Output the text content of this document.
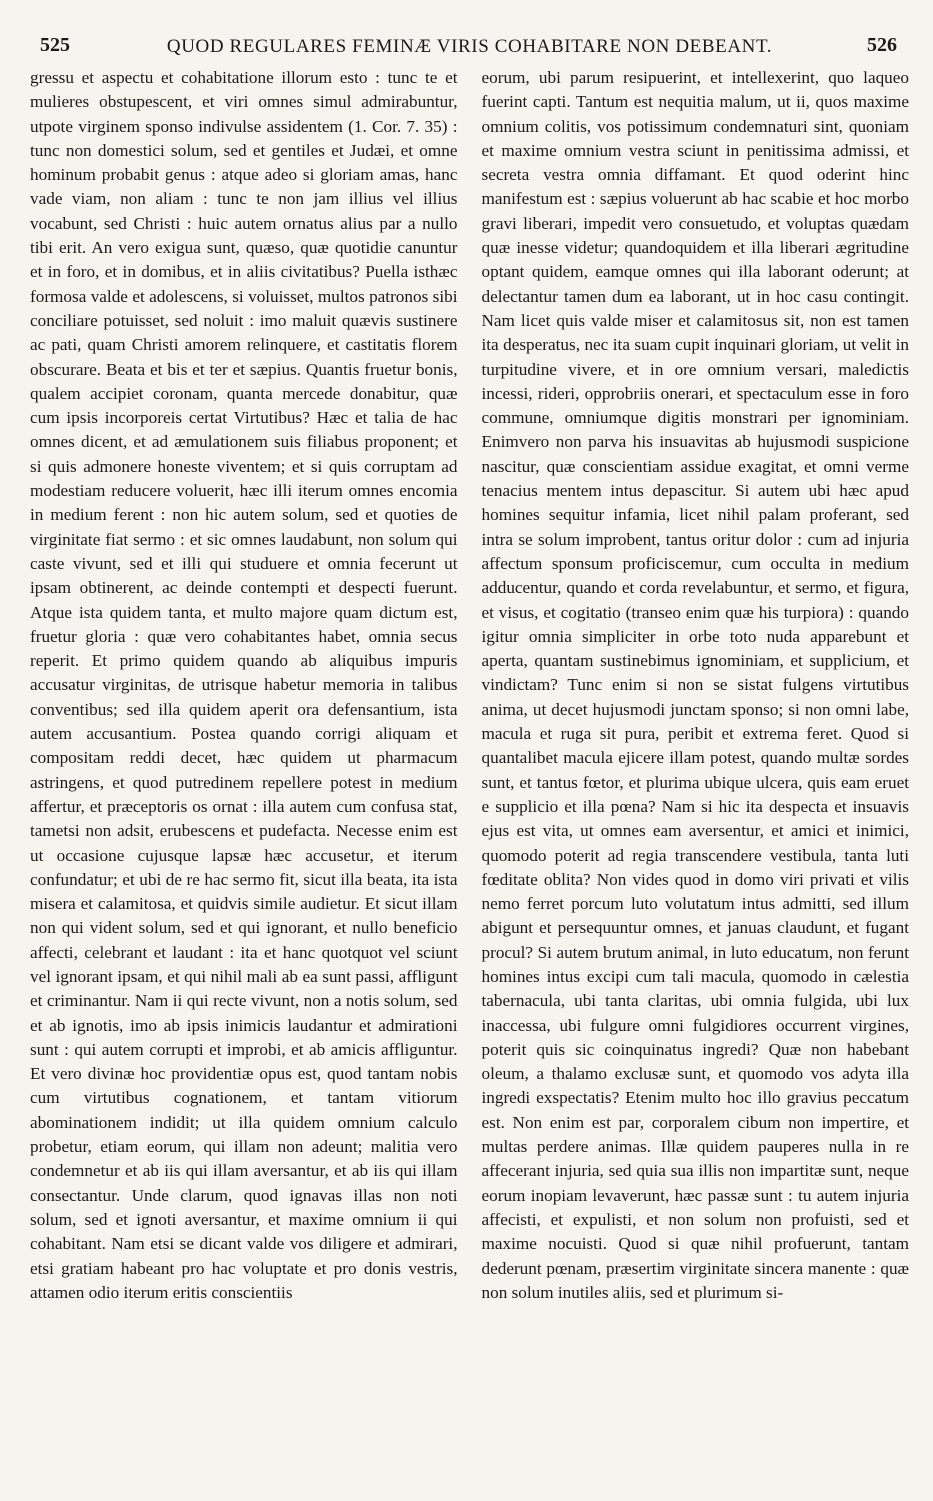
525	QUOD REGULARES FEMINÆ VIRIS COHABITARE NON DEBEANT.	526

gressu et aspectu et cohabitatione illorum esto : tunc te et mulieres obstupescent, et viri omnes simul admirabuntur, utpote virginem sponso indivulse assidentem (1. Cor. 7. 35) : tunc non domestici solum, sed et gentiles et Judæi, et omne hominum probabit genus : atque adeo si gloriam amas, hanc vade viam, non aliam : tunc te non jam illius vel illius vocabunt, sed Christi : huic autem ornatus alius par a nullo tibi erit. An vero exigua sunt, quæso, quæ quotidie canuntur et in foro, et in domibus, et in aliis civitatibus? Puella isthæc formosa valde et adolescens, si voluisset, multos patronos sibi conciliare potuisset, sed noluit : imo maluit quævis sustinere ac pati, quam Christi amorem relinquere, et castitatis florem obscurare. Beata et bis et ter et sæpius. Quantis fruetur bonis, qualem accipiet coronam, quanta mercede donabitur, quæ cum ipsis incorporeis certat Virtutibus? Hæc et talia de hac omnes dicent, et ad æmulationem suis filiabus proponent; et si quis admonere honeste viventem; et si quis corruptam ad modestiam reducere voluerit, hæc illi iterum omnes encomia in medium ferent : non hic autem solum, sed et quoties de virginitate fiat sermo : et sic omnes laudabunt, non solum qui caste vivunt, sed et illi qui studuere et omnia fecerunt ut ipsam obtinerent, ac deinde contempti et despecti fuerunt. Atque ista quidem tanta, et multo majore quam dictum est, fruetur gloria : quæ vero cohabitantes habet, omnia secus reperit. Et primo quidem quando ab aliquibus impuris accusatur virginitas, de utrisque habetur memoria in talibus conventibus; sed illa quidem aperit ora defensantium, ista autem accusantium. Postea quando corrigi aliquam et compositam reddi decet, hæc quidem ut pharmacum astringens, et quod putredinem repellere potest in medium affertur, et præceptoris os ornat : illa autem cum confusa stat, tametsi non adsit, erubescens et pudefacta. Necesse enim est ut occasione cujusque lapsæ hæc accusetur, et iterum confundatur; et ubi de re hac sermo fit, sicut illa beata, ita ista misera et calamitosa, et quidvis simile audietur. Et sicut illam non qui vident solum, sed et qui ignorant, et nullo beneficio affecti, celebrant et laudant : ita et hanc quotquot vel sciunt vel ignorant ipsam, et qui nihil mali ab ea sunt passi, affligunt et criminantur. Nam ii qui recte vivunt, non a notis solum, sed et ab ignotis, imo ab ipsis inimicis laudantur et admirationi sunt : qui autem corrupti et improbi, et ab amicis affliguntur. Et vero divinæ hoc providentiæ opus est, quod tantam nobis cum virtutibus cognationem, et tantam vitiorum abominationem indidit; ut illa quidem omnium calculo probetur, etiam eorum, qui illam non adeunt; malitia vero condemnetur et ab iis qui illam aversantur, et ab iis qui illam consectantur. Unde clarum, quod ignavas illas non noti solum, sed et ignoti aversantur, et maxime omnium ii qui cohabitant. Nam etsi se dicant valde vos diligere et admirari, etsi gratiam habeant pro hac voluptate et pro donis vestris, attamen odio iterum eritis conscientiis

eorum, ubi parum resipuerint, et intellexerint, quo laqueo fuerint capti. Tantum est nequitia malum, ut ii, quos maxime omnium colitis, vos potissimum condemnaturi sint, quoniam et maxime omnium vestra sciunt in penitissima admissi, et secreta vestra omnia diffamant. Et quod oderint hinc manifestum est : sæpius voluerunt ab hac scabie et hoc morbo gravi liberari, impedit vero consuetudo, et voluptas quædam quæ inesse videtur; quandoquidem et illa liberari ægritudine optant quidem, eamque omnes qui illa laborant oderunt; at delectantur tamen dum ea laborant, ut in hoc casu contingit. Nam licet quis valde miser et calamitosus sit, non est tamen ita desperatus, nec ita suam cupit inquinari gloriam, ut velit in turpitudine vivere, et in ore omnium versari, maledictis incessi, rideri, opprobriis onerari, et spectaculum esse in foro commune, omniumque digitis monstrari per ignominiam. Enimvero non parva his insuavitas ab hujusmodi suspicione nascitur, quæ conscientiam assidue exagitat, et omni verme tenacius mentem intus depascitur. Si autem ubi hæc apud homines sequitur infamia, licet nihil palam proferant, sed intra se solum improbent, tantus oritur dolor : cum ad injuria affectum sponsum proficiscemur, cum occulta in medium adducentur, quando et corda revelabuntur, et sermo, et figura, et visus, et cogitatio (transeo enim quæ his turpiora) : quando igitur omnia simpliciter in orbe toto nuda apparebunt et aperta, quantam sustinebimus ignominiam, et supplicium, et vindictam? Tunc enim si non se sistat fulgens virtutibus anima, ut decet hujusmodi junctam sponso; si non omni labe, macula et ruga sit pura, peribit et extrema feret. Quod si quantalibet macula ejicere illam potest, quando multæ sordes sunt, et tantus fœtor, et plurima ubique ulcera, quis eam eruet e supplicio et illa pœna? Nam si hic ita despecta et insuavis ejus est vita, ut omnes eam aversentur, et amici et inimici, quomodo poterit ad regia transcendere vestibula, tanta luti fœditate oblita? Non vides quod in domo viri privati et vilis nemo ferret porcum luto volutatum intus admitti, sed illum abigunt et persequuntur omnes, et januas claudunt, et fugant procul? Si autem brutum animal, in luto educatum, non ferunt homines intus excipi cum tali macula, quomodo in cælestia tabernacula, ubi tanta claritas, ubi omnia fulgida, ubi lux inaccessa, ubi fulgure omni fulgidiores occurrent virgines, poterit quis sic coinquinatus ingredi? Quæ non habebant oleum, a thalamo exclusæ sunt, et quomodo vos adyta illa ingredi exspectatis? Etenim multo hoc illo gravius peccatum est. Non enim est par, corporalem cibum non impertire, et multas perdere animas. Illæ quidem pauperes nulla in re affecerant injuria, sed quia sua illis non impartitæ sunt, neque eorum inopiam levaverunt, hæc passæ sunt : tu autem injuria affecisti, et expulisti, et non solum non profuisti, sed et maxime nocuisti. Quod si quæ nihil profuerunt, tantam dederunt pœnam, præsertim virginitate sincera manente : quæ non solum inutiles aliis, sed et plurimum si-
